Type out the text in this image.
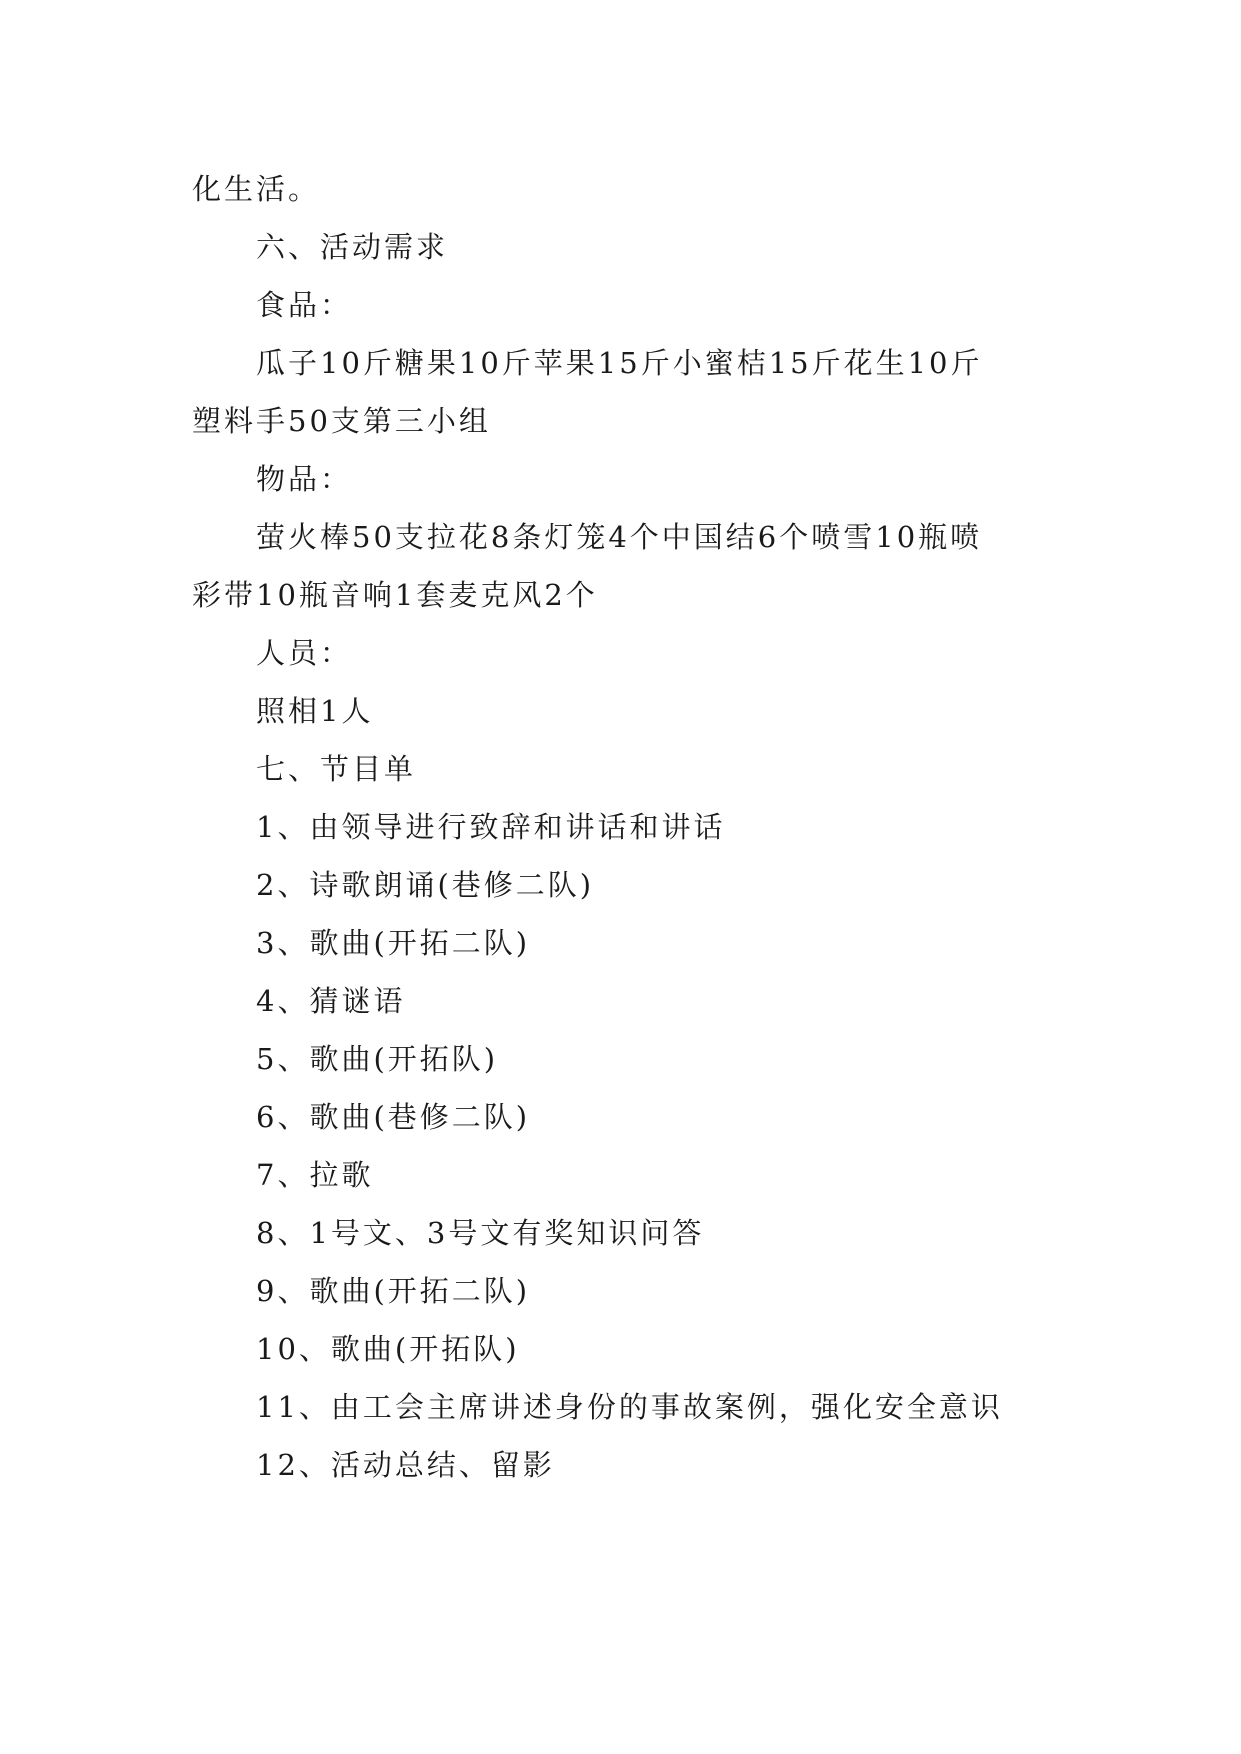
化生活。
六、活动需求
食品：
瓜子10斤糖果10斤苹果15斤小蜜桔15斤花生10斤
塑料手50支第三小组
物品：
萤火棒50支拉花8条灯笼4个中国结6个喷雪10瓶喷
彩带10瓶音响1套麦克风2个
人员：
照相1人
七、节目单
1、由领导进行致辞和讲话和讲话
2、诗歌朗诵(巷修二队)
3、歌曲(开拓二队)
4、猜谜语
5、歌曲(开拓队)
6、歌曲(巷修二队)
7、拉歌
8、1号文、3号文有奖知识问答
9、歌曲(开拓二队)
10、歌曲(开拓队)
11、由工会主席讲述身份的事故案例，强化安全意识
12、活动总结、留影
